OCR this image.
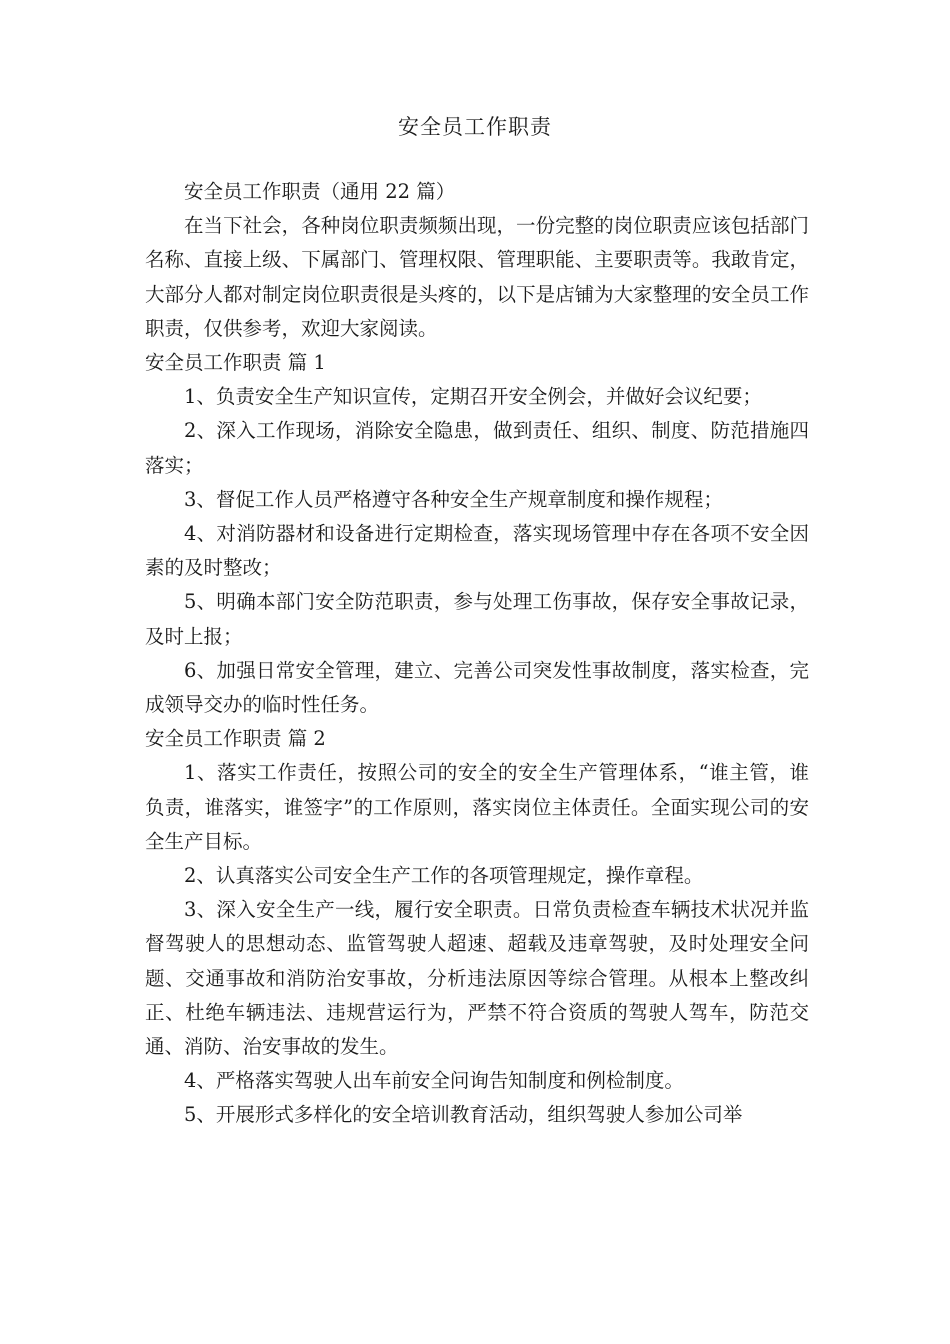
安全员工作职责

安全员工作职责（通用 22 篇）

在当下社会，各种岗位职责频频出现，一份完整的岗位职责应该包括部门名称、直接上级、下属部门、管理权限、管理职能、主要职责等。我敢肯定，大部分人都对制定岗位职责很是头疼的，以下是店铺为大家整理的安全员工作职责，仅供参考，欢迎大家阅读。

安全员工作职责 篇 1

1、负责安全生产知识宣传，定期召开安全例会，并做好会议纪要；

2、深入工作现场，消除安全隐患，做到责任、组织、制度、防范措施四落实；

3、督促工作人员严格遵守各种安全生产规章制度和操作规程；

4、对消防器材和设备进行定期检查，落实现场管理中存在各项不安全因素的及时整改；

5、明确本部门安全防范职责，参与处理工伤事故，保存安全事故记录，及时上报；

6、加强日常安全管理，建立、完善公司突发性事故制度，落实检查，完成领导交办的临时性任务。

安全员工作职责 篇 2

1、落实工作责任，按照公司的安全的安全生产管理体系，“谁主管，谁负责，谁落实，谁签字”的工作原则，落实岗位主体责任。全面实现公司的安全生产目标。

2、认真落实公司安全生产工作的各项管理规定，操作章程。

3、深入安全生产一线，履行安全职责。日常负责检查车辆技术状况并监督驾驶人的思想动态、监管驾驶人超速、超载及违章驾驶，及时处理安全问题、交通事故和消防治安事故，分析违法原因等综合管理。从根本上整改纠正、杜绝车辆违法、违规营运行为，严禁不符合资质的驾驶人驾车，防范交通、消防、治安事故的发生。

4、严格落实驾驶人出车前安全问询告知制度和例检制度。

5、开展形式多样化的安全培训教育活动，组织驾驶人参加公司举
